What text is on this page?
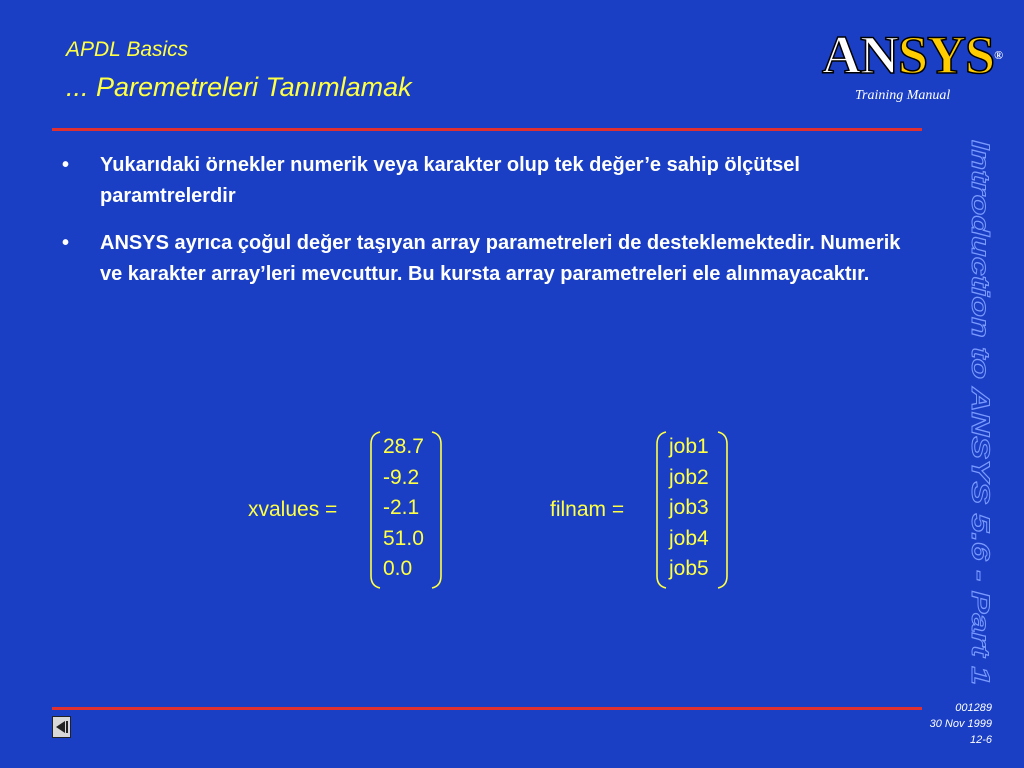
APDL Basics
... Paremetreleri Tanımlamak
ANSYS®
Training Manual
• Yukarıdaki örnekler numerik veya karakter olup tek değer’e sahip ölçütsel paramtrelerdir
• ANSYS ayrıca çoğul değer taşıyan array parametreleri de desteklemektedir. Numerik ve karakter array’leri mevcuttur. Bu kursta array parametreleri ele alınmayacaktır.
xvalues =
28.7
-9.2
-2.1
51.0
0.0
filnam =
job1
job2
job3
job4
job5
Introduction to ANSYS 5.6 - Part 1
001289
30 Nov 1999
12-6
